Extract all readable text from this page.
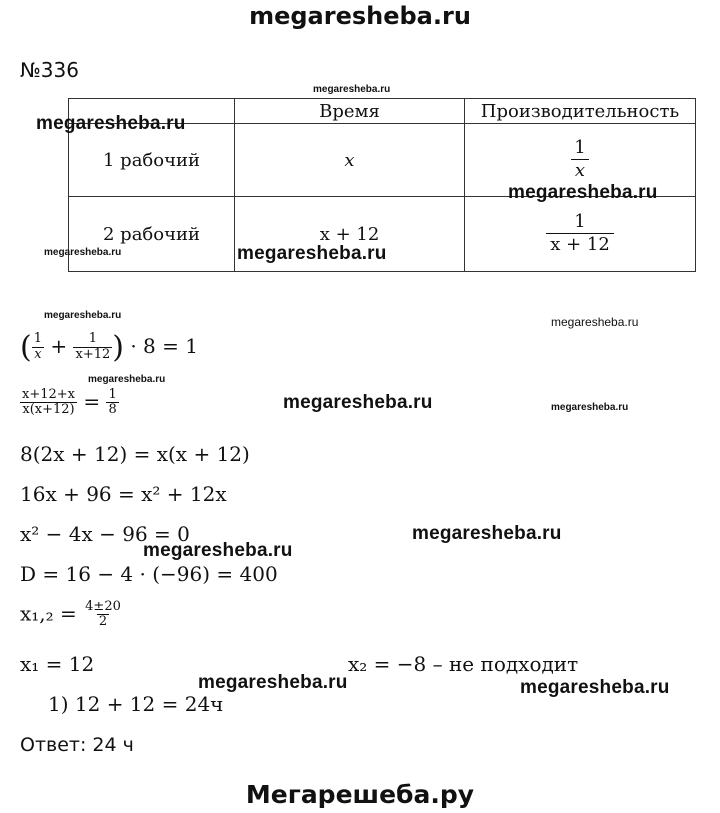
megaresheba.ru
№336
	Время	Производительность
1 рабочий	x	$\frac{1}{x}$

2 рабочий	x + 12	$\frac{1}{x + 12}$
( $\frac{1}{x} + \frac{1}{x+12}$ ) · 8 = 1
$\frac{x+12+x}{x(x+12)} = \frac{1}{8}$
8(2x + 12) = x(x + 12)
16x + 96 = x² + 12x
x² − 4x − 96 = 0
D = 16 − 4 · (−96) = 400
$x_1,_2 = \frac{4\pm 20}{2}$
x₁ = 12	x₂ = −8 – не подходит
1) 12 + 12 = 24ч
Ответ: 24 ч
Мегарешеба.ру
megaresheba.ru
megaresheba.ru
megaresheba.ru
megaresheba.ru	megaresheba.ru
megaresheba.ru	megaresheba.ru
megaresheba.ru
megaresheba.ru	megaresheba.ru
megaresheba.ru
megaresheba.ru
megaresheba.ru	megaresheba.ru
